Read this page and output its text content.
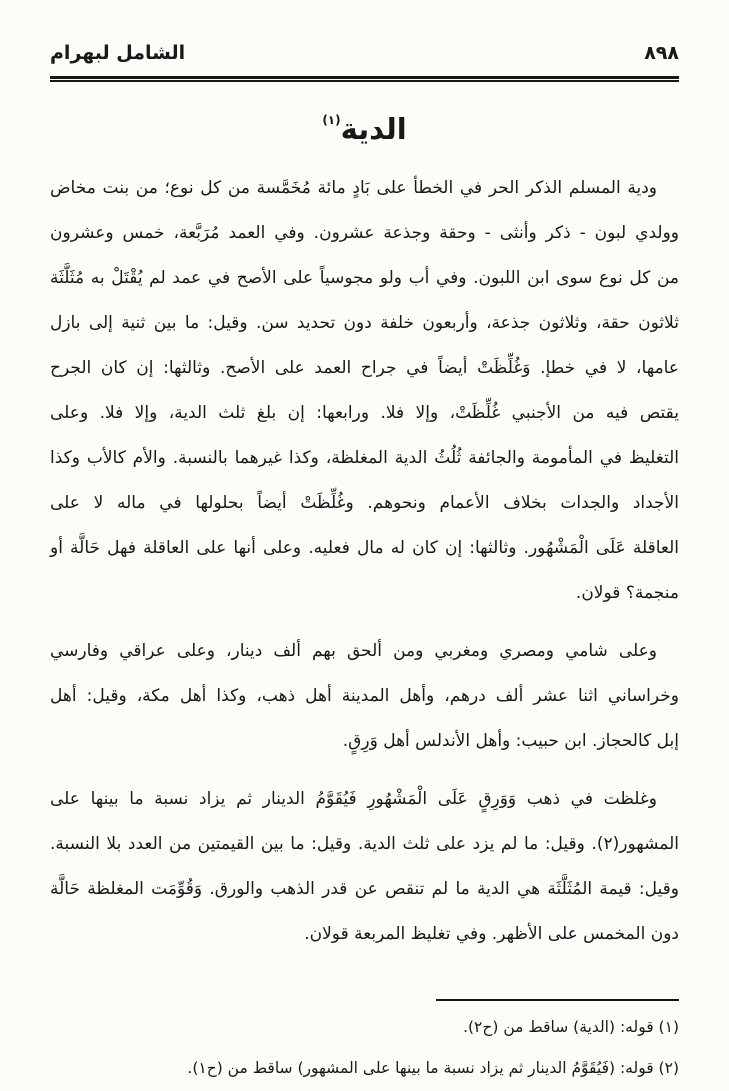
٨٩٨
الشامل لبهرام
الدية$^{(١)}$
ودية المسلم الذكر الحر في الخطأ على بَادٍ مائة مُخَمَّسة من كل نوع؛ من بنت مخاض
وولدي لبون - ذكر وأنثى - وحقة وجذعة عشرون. وفي العمد مُرَبَّعة، خمس وعشرون
من كل نوع سوى ابن اللبون. وفي أب ولو مجوسياً على الأصح في عمد لم يُقْتَلْ به مُثَلَّثَة
ثلاثون حقة، وثلاثون جذعة، وأربعون خلفة دون تحديد سن. وقيل: ما بين ثنية إلى بازل
عامها، لا في خطإ. وَغُلِّظَتْ أيضاً في جراح العمد على الأصح. وثالثها: إن كان الجرح
يقتص فيه من الأجنبي غُلِّظَتْ، وإلا فلا. ورابعها: إن بلغ ثلث الدية، وإلا فلا. وعلى
التغليظ في المأمومة والجائفة ثُلُثُ الدية المغلظة، وكذا غيرهما بالنسبة. والأم كالأب وكذا
الأجداد والجدات بخلاف الأعمام ونحوهم. وغُلِّظَتْ أيضاً بحلولها في ماله لا على
العاقلة عَلَى الْمَشْهُور. وثالثها: إن كان له مال فعليه. وعلى أنها على العاقلة فهل حَالَّة أو
منجمة؟ قولان.
وعلى شامي ومصري ومغربي ومن ألحق بهم ألف دينار، وعلى عراقي وفارسي
وخراساني اثنا عشر ألف درهم، وأهل المدينة أهل ذهب، وكذا أهل مكة، وقيل: أهل
إبل كالحجاز. ابن حبيب: وأهل الأندلس أهل وَرِقٍ.
وغلظت في ذهب وَوَرِقٍ عَلَى الْمَشْهُورِ فَيُقَوَّمُ الدينار ثم يزاد نسبة ما بينها على
المشهور(٢). وقيل: ما لم يزد على ثلث الدية. وقيل: ما بين القيمتين من العدد بلا النسبة.
وقيل: قيمة المُثَلَّثَة هي الدية ما لم تنقص عن قدر الذهب والورق. وَقُوِّمَت المغلظة حَالَّة
دون المخمس على الأظهر. وفي تغليظ المربعة قولان.
(١) قوله: (الدية) ساقط من (ح٢).
(٢) قوله: (فَيُقَوَّمُ الدينار ثم يزاد نسبة ما بينها على المشهور) ساقط من (ح١).
